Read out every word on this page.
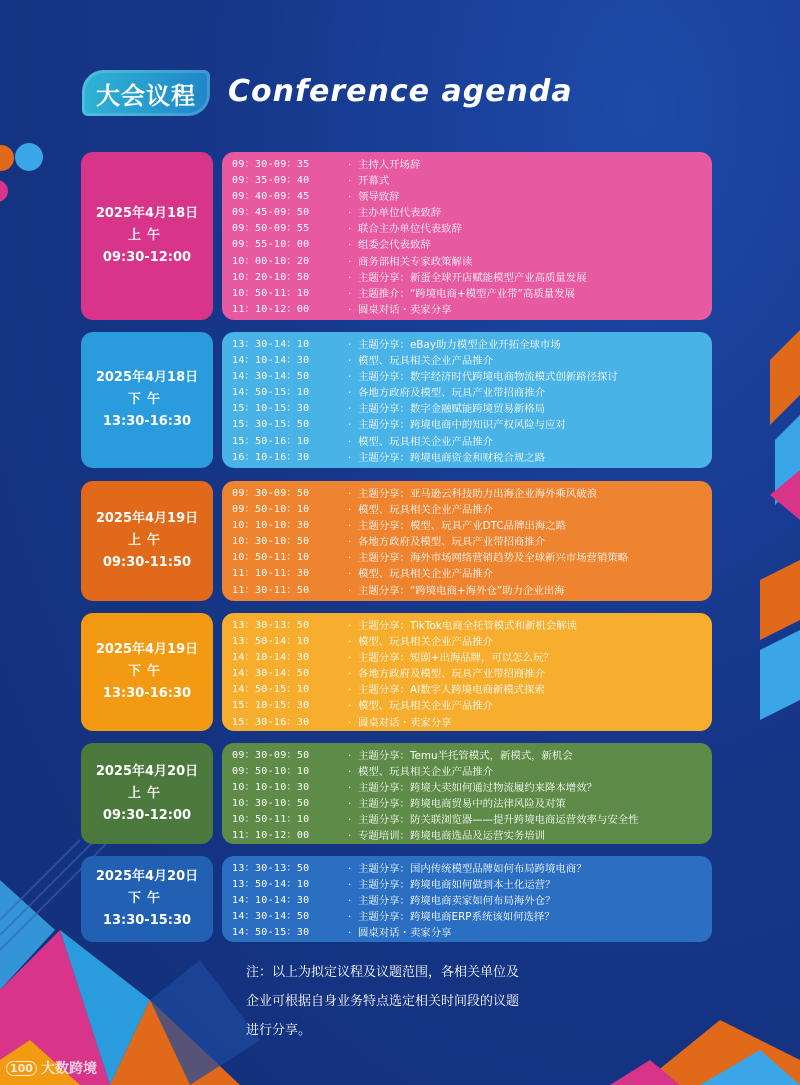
大会议程 Conference agenda
2025年4月18日
上午
09:30-12:00
09：30-09：35	· 主持人开场辞
09：35-09：40	· 开幕式
09：40-09：45	· 领导致辞
09：45-09：50	· 主办单位代表致辞
09：50-09：55	· 联合主办单位代表致辞
09：55-10：00	· 组委会代表致辞
10：00-10：20	· 商务部相关专家政策解读
10：20-10：50	· 主题分享：新蛋全球开店赋能模型产业高质量发展
10：50-11：10	· 主题推介：“跨境电商+模型产业带”高质量发展
11：10-12：00	· 圆桌对话・卖家分享
2025年4月18日
下午
13:30-16:30
13：30-14：10	· 主题分享：eBay助力模型企业开拓全球市场
14：10-14：30	· 模型、玩具相关企业产品推介
14：30-14：50	· 主题分享：数字经济时代跨境电商物流模式创新路径探讨
14：50-15：10	· 各地方政府及模型、玩具产业带招商推介
15：10-15：30	· 主题分享：数字金融赋能跨境贸易新格局
15：30-15：50	· 主题分享：跨境电商中的知识产权风险与应对
15：50-16：10	· 模型、玩具相关企业产品推介
16：10-16：30	· 主题分享：跨境电商资金和财税合规之路
2025年4月19日
上午
09:30-11:50
09：30-09：50	· 主题分享：亚马逊云科技助力出海企业海外乘风破浪
09：50-10：10	· 模型、玩具相关企业产品推介
10：10-10：30	· 主题分享：模型、玩具产业DTC品牌出海之路
10：30-10：50	· 各地方政府及模型、玩具产业带招商推介
10：50-11：10	· 主题分享：海外市场网络营销趋势及全球新兴市场营销策略
11：10-11：30	· 模型、玩具相关企业产品推介
11：30-11：50	· 主题分享：“跨境电商+海外仓”助力企业出海
2025年4月19日
下午
13:30-16:30
13：30-13：50	· 主题分享：TikTok电商全托管模式和新机会解读
13：50-14：10	· 模型、玩具相关企业产品推介
14：10-14：30	· 主题分享：短剧+出海品牌，可以怎么玩？
14：30-14：50	· 各地方政府及模型、玩具产业带招商推介
14：50-15：10	· 主题分享：AI数字人跨境电商新模式探索
15：10-15：30	· 模型、玩具相关企业产品推介
15：30-16：30	· 圆桌对话・卖家分享
2025年4月20日
上午
09:30-12:00
09：30-09：50	· 主题分享：Temu半托管模式，新模式，新机会
09：50-10：10	· 模型、玩具相关企业产品推介
10：10-10：30	· 主题分享：跨境大卖如何通过物流履约来降本增效？
10：30-10：50	· 主题分享：跨境电商贸易中的法律风险及对策
10：50-11：10	· 主题分享：防关联浏览器——提升跨境电商运营效率与安全性
11：10-12：00	· 专题培训：跨境电商选品及运营实务培训
2025年4月20日
下午
13:30-15:30
13：30-13：50	· 主题分享：国内传统模型品牌如何布局跨境电商？
13：50-14：10	· 主题分享：跨境电商如何做到本土化运营？
14：10-14：30	· 主题分享：跨境电商卖家如何布局海外仓？
14：30-14：50	· 主题分享：跨境电商ERP系统该如何选择？
14：50-15：30	· 圆桌对话・卖家分享
注：以上为拟定议程及议题范围，各相关单位及
企业可根据自身业务特点选定相关时间段的议题
进行分享。
100 大数跨境
